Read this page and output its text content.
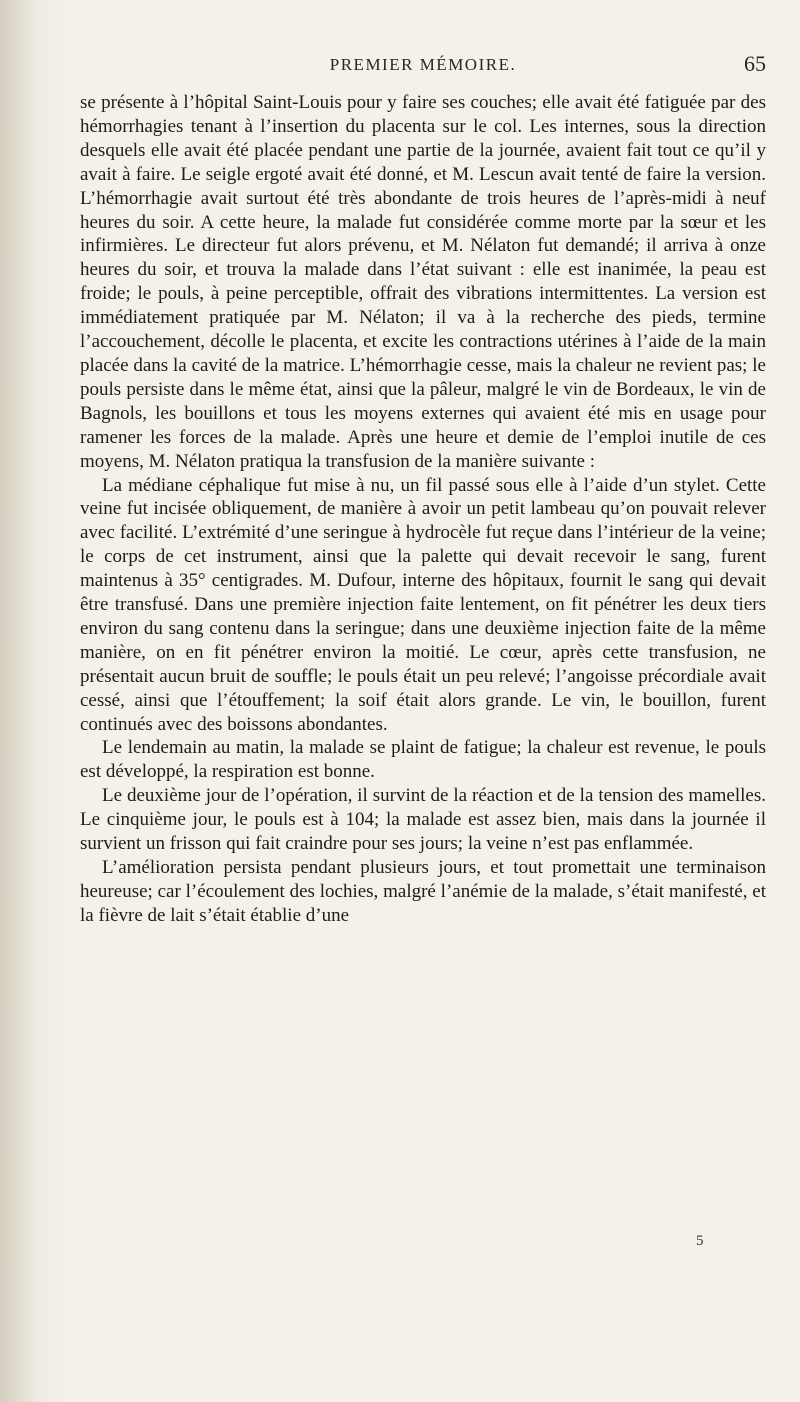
PREMIER MÉMOIRE.	65

se présente à l’hôpital Saint-Louis pour y faire ses couches; elle avait été fatiguée par des hémorrhagies tenant à l’insertion du placenta sur le col. Les internes, sous la direction desquels elle avait été placée pendant une partie de la journée, avaient fait tout ce qu’il y avait à faire. Le seigle ergoté avait été donné, et M. Lescun avait tenté de faire la version. L’hémorrhagie avait surtout été très abondante de trois heures de l’après-midi à neuf heures du soir. A cette heure, la malade fut considérée comme morte par la sœur et les infirmières. Le directeur fut alors prévenu, et M. Nélaton fut demandé; il arriva à onze heures du soir, et trouva la malade dans l’état suivant : elle est inanimée, la peau est froide; le pouls, à peine perceptible, offrait des vibrations intermittentes. La version est immédiatement pratiquée par M. Nélaton; il va à la recherche des pieds, termine l’accouchement, décolle le placenta, et excite les contractions utérines à l’aide de la main placée dans la cavité de la matrice. L’hémorrhagie cesse, mais la chaleur ne revient pas; le pouls persiste dans le même état, ainsi que la pâleur, malgré le vin de Bordeaux, le vin de Bagnols, les bouillons et tous les moyens externes qui avaient été mis en usage pour ramener les forces de la malade. Après une heure et demie de l’emploi inutile de ces moyens, M. Nélaton pratiqua la transfusion de la manière suivante :

La médiane céphalique fut mise à nu, un fil passé sous elle à l’aide d’un stylet. Cette veine fut incisée obliquement, de manière à avoir un petit lambeau qu’on pouvait relever avec facilité. L’extrémité d’une seringue à hydrocèle fut reçue dans l’intérieur de la veine; le corps de cet instrument, ainsi que la palette qui devait recevoir le sang, furent maintenus à 35° centigrades. M. Dufour, interne des hôpitaux, fournit le sang qui devait être transfusé. Dans une première injection faite lentement, on fit pénétrer les deux tiers environ du sang contenu dans la seringue; dans une deuxième injection faite de la même manière, on en fit pénétrer environ la moitié. Le cœur, après cette transfusion, ne présentait aucun bruit de souffle; le pouls était un peu relevé; l’angoisse précordiale avait cessé, ainsi que l’étouffement; la soif était alors grande. Le vin, le bouillon, furent continués avec des boissons abondantes.

Le lendemain au matin, la malade se plaint de fatigue; la chaleur est revenue, le pouls est développé, la respiration est bonne.

Le deuxième jour de l’opération, il survint de la réaction et de la tension des mamelles. Le cinquième jour, le pouls est à 104; la malade est assez bien, mais dans la journée il survient un frisson qui fait craindre pour ses jours; la veine n’est pas enflammée.

L’amélioration persista pendant plusieurs jours, et tout promettait une terminaison heureuse; car l’écoulement des lochies, malgré l’anémie de la malade, s’était manifesté, et la fièvre de lait s’était établie d’une

5
